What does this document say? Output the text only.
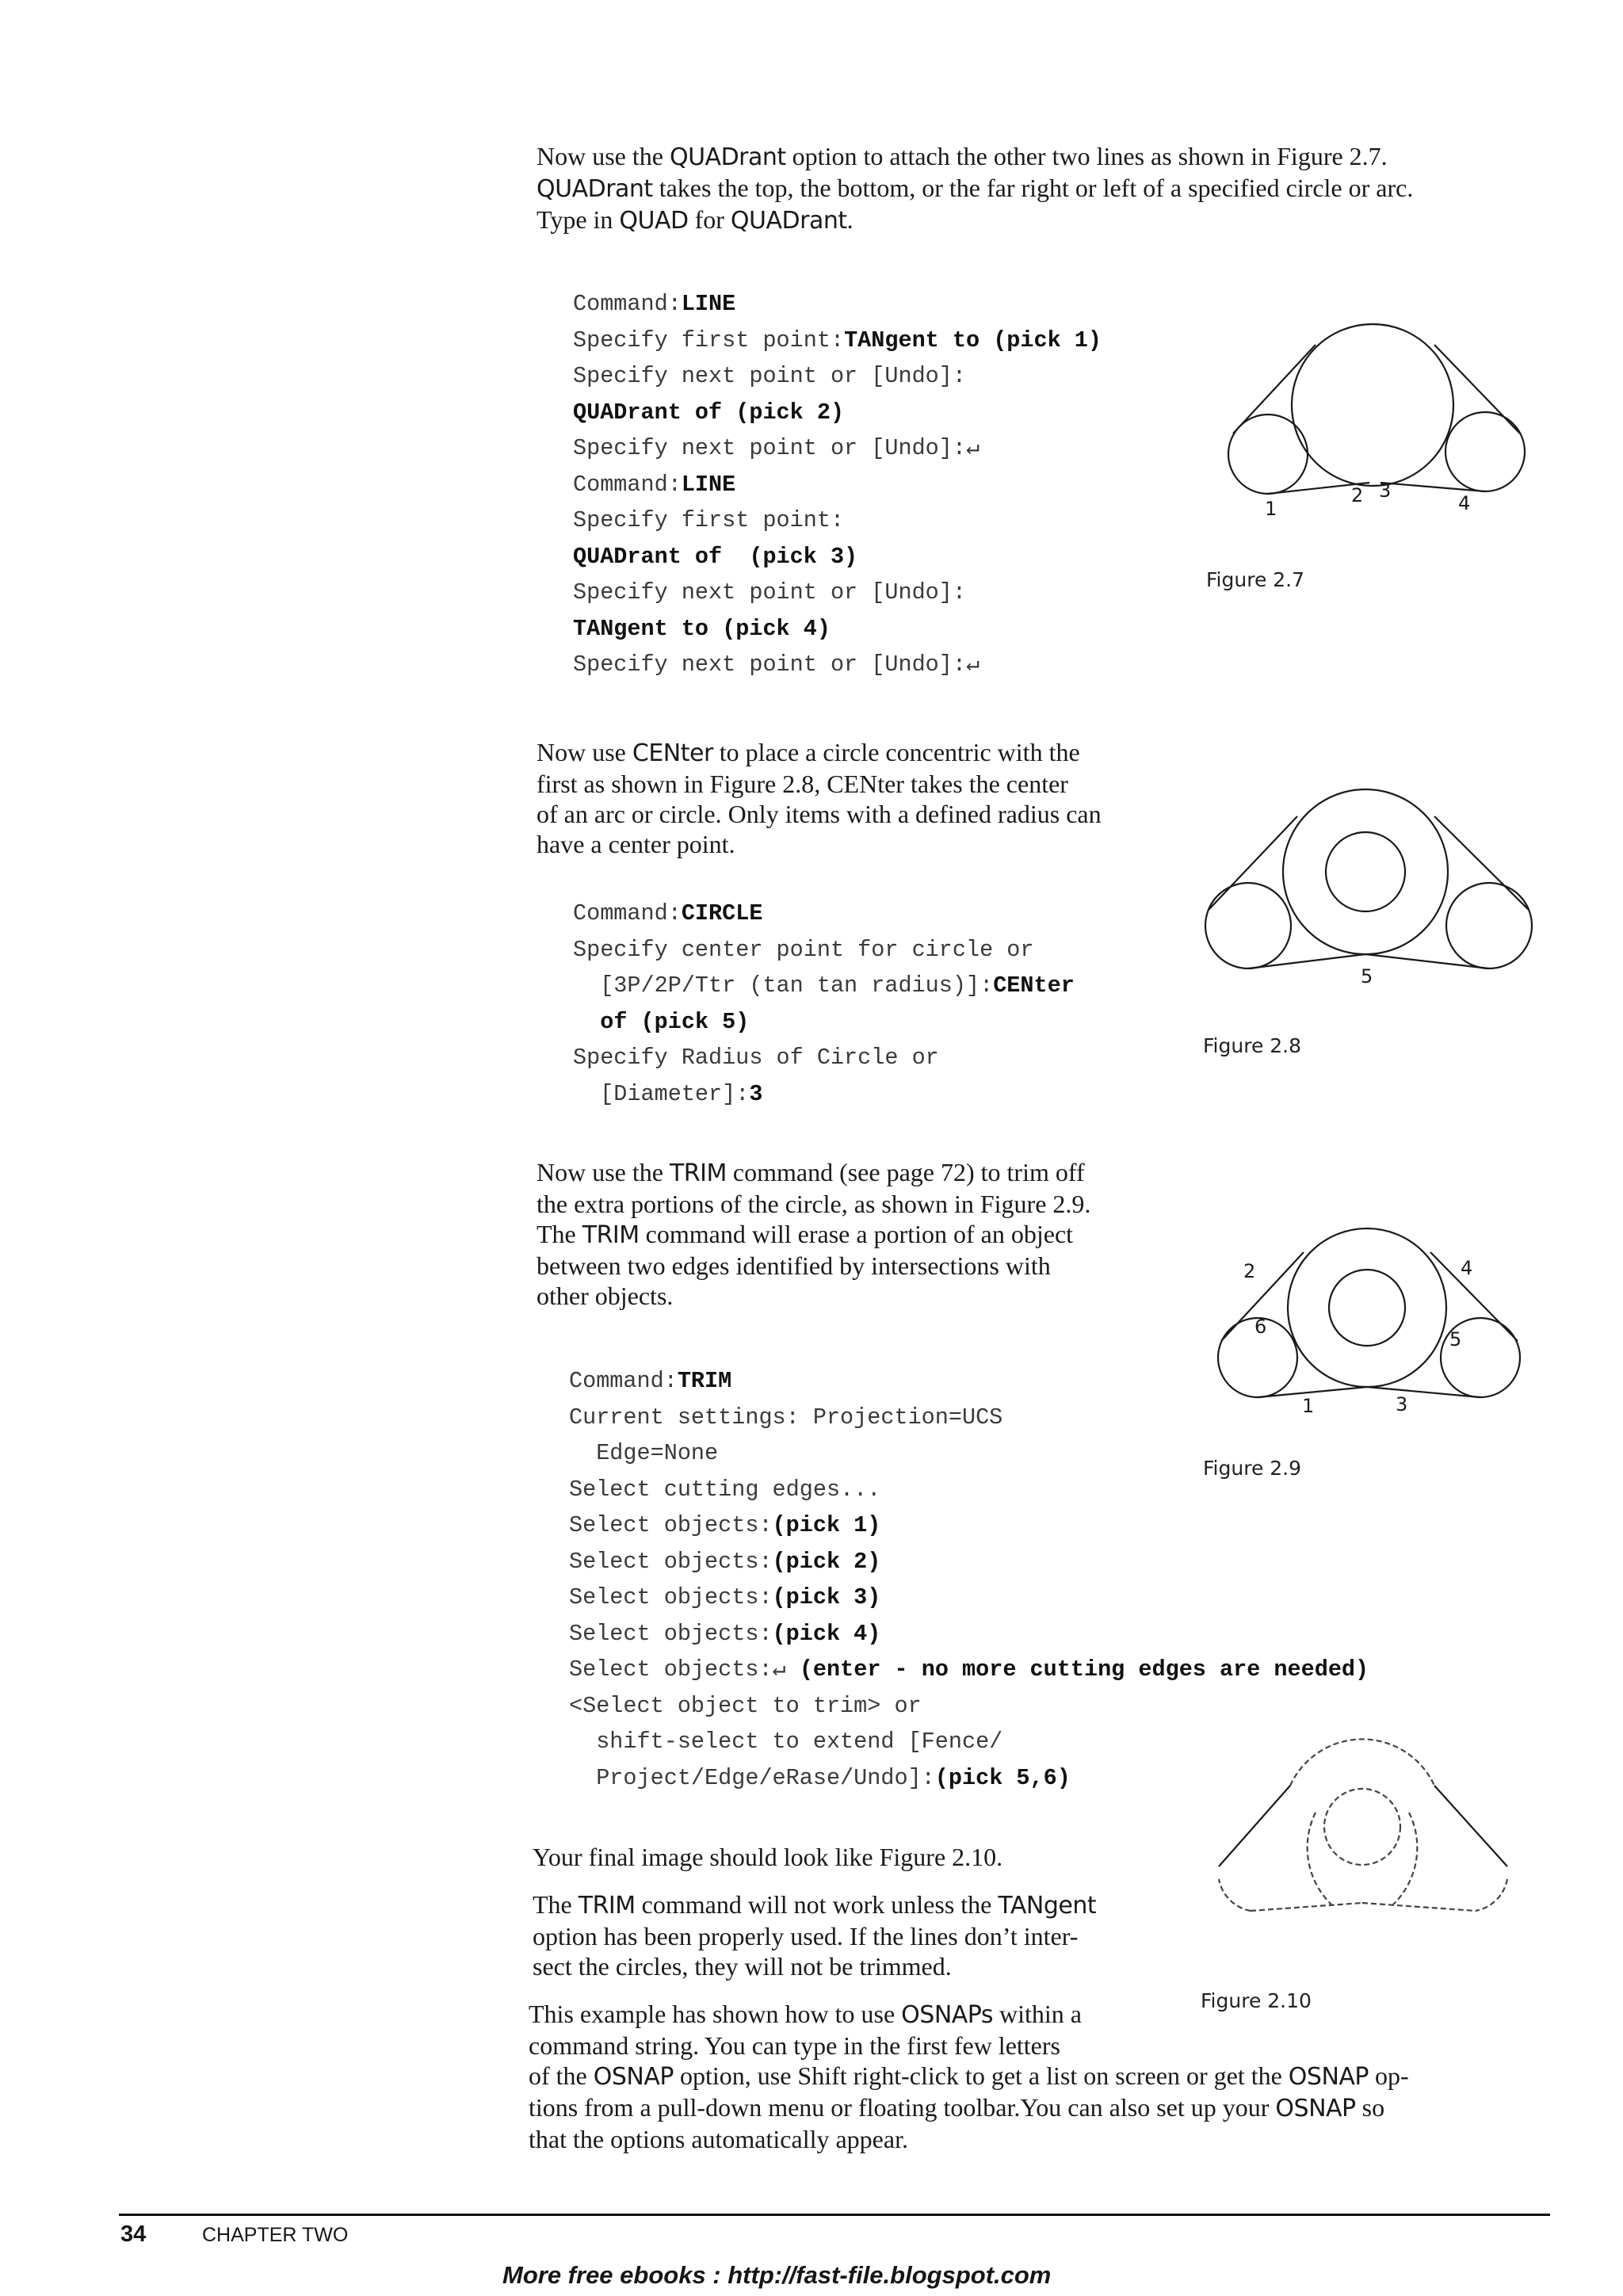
Now use the QUADrant option to attach the other two lines as shown in Figure 2.7.

QUADrant takes the top, the bottom, or the far right or left of a specified circle or arc.

Type in QUAD for QUADrant.

Command:LINE
Specify first point:TANgent to (pick 1)
Specify next point or [Undo]:
QUADrant of (pick 2)
Specify next point or [Undo]:↵
Command:LINE
Specify first point:
QUADrant of  (pick 3)
Specify next point or [Undo]:
TANgent to (pick 4)
Specify next point or [Undo]:↵
1
2 3
4
Figure 2.7

Now use CENter to place a circle concentric with the

first as shown in Figure 2.8, CENter takes the center

of an arc or circle. Only items with a defined radius can

have a center point.

Command:CIRCLE
Specify center point for circle or
[3P/2P/Ttr (tan tan radius)]:CENter
of (pick 5)
Specify Radius of Circle or
[Diameter]:3
5
Figure 2.8

Now use the TRIM command (see page 72) to trim off

the extra portions of the circle, as shown in Figure 2.9.

The TRIM command will erase a portion of an object

between two edges identified by intersections with

other objects.

Command:TRIM
Current settings: Projection=UCS
Edge=None
Select cutting edges...
Select objects:(pick 1)
Select objects:(pick 2)
Select objects:(pick 3)
Select objects:(pick 4)
Select objects:↵ (enter - no more cutting edges are needed)
<Select object to trim> or
shift-select to extend [Fence/
Project/Edge/eRase/Undo]:(pick 5,6)
1
2
3
4
5
6
Figure 2.9
Your final image should look like Figure 2.10.

The TRIM command will not work unless the TANgent

option has been properly used. If the lines don’t inter-

sect the circles, they will not be trimmed.

This example has shown how to use OSNAPs within a

command string. You can type in the first few letters

of the OSNAP option, use Shift right-click to get a list on screen or get the OSNAP op-

tions from a pull-down menu or floating toolbar.You can also set up your OSNAP so

that the options automatically appear.

Figure 2.10
34	CHAPTER TWO
More free ebooks : http://fast-file.blogspot.com
